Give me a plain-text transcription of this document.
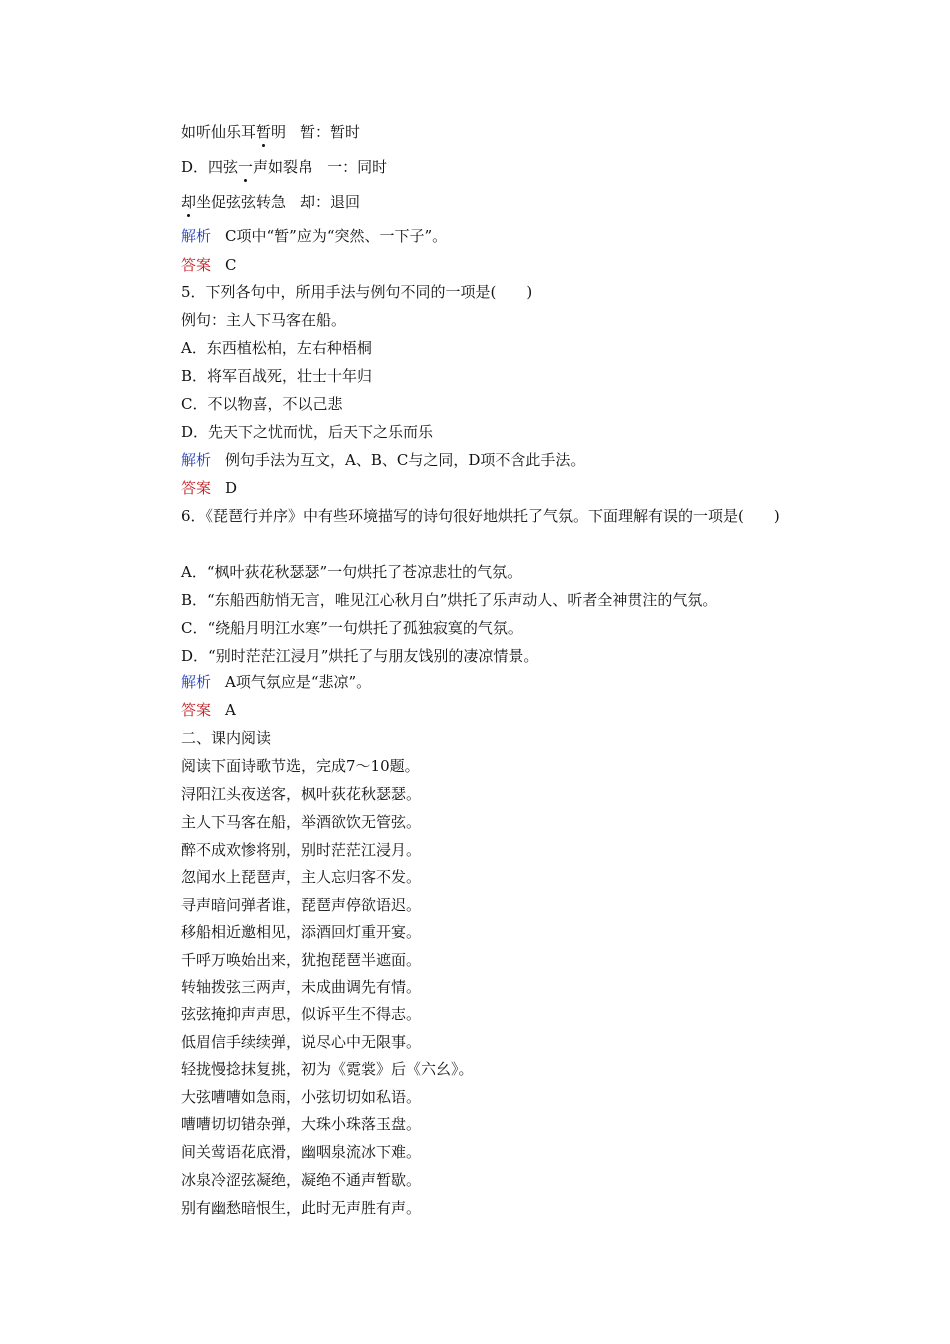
如听仙乐耳暂明 暂：暂时
D．四弦一声如裂帛 一：同时
却坐促弦弦转急 却：退回
解析 C项中“暂”应为“突然、一下子”。
答案 C
5．下列各句中，所用手法与例句不同的一项是(　　)
例句：主人下马客在船。
A．东西植松柏，左右种梧桐
B．将军百战死，壮士十年归
C．不以物喜，不以己悲
D．先天下之忧而忧，后天下之乐而乐
解析 例句手法为互文，A、B、C与之同，D项不含此手法。
答案 D
6．《琵琶行并序》中有些环境描写的诗句很好地烘托了气氛。下面理解有误的一项是(　　)
A．“枫叶荻花秋瑟瑟”一句烘托了苍凉悲壮的气氛。
B．“东船西舫悄无言，唯见江心秋月白”烘托了乐声动人、听者全神贯注的气氛。
C．“绕船月明江水寒”一句烘托了孤独寂寞的气氛。
D．“别时茫茫江浸月”烘托了与朋友饯别的凄凉情景。
解析 A项气氛应是“悲凉”。
答案 A
二、课内阅读
阅读下面诗歌节选，完成7～10题。
浔阳江头夜送客，枫叶荻花秋瑟瑟。
主人下马客在船，举酒欲饮无管弦。
醉不成欢惨将别，别时茫茫江浸月。
忽闻水上琵琶声，主人忘归客不发。
寻声暗问弹者谁，琵琶声停欲语迟。
移船相近邀相见，添酒回灯重开宴。
千呼万唤始出来，犹抱琵琶半遮面。
转轴拨弦三两声，未成曲调先有情。
弦弦掩抑声声思，似诉平生不得志。
低眉信手续续弹，说尽心中无限事。
轻拢慢捻抹复挑，初为《霓裳》后《六幺》。
大弦嘈嘈如急雨，小弦切切如私语。
嘈嘈切切错杂弹，大珠小珠落玉盘。
间关莺语花底滑，幽咽泉流冰下难。
冰泉冷涩弦凝绝，凝绝不通声暂歇。
别有幽愁暗恨生，此时无声胜有声。
